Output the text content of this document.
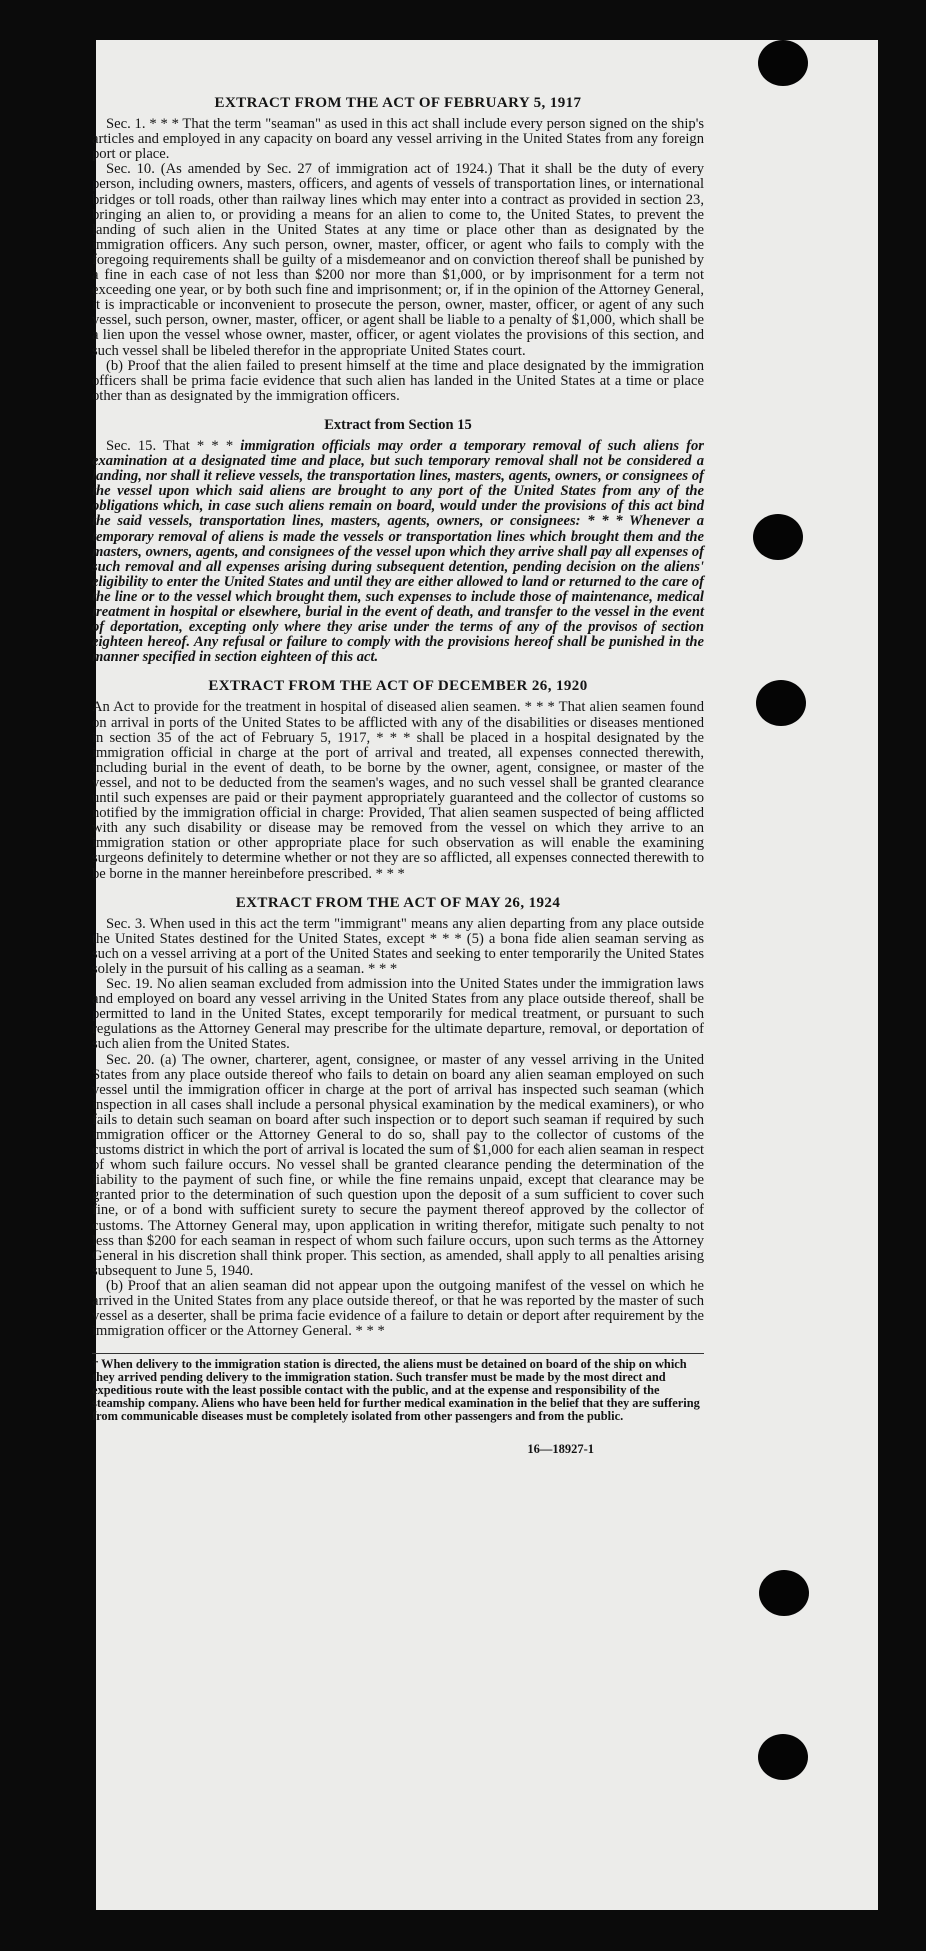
EXTRACT FROM THE ACT OF FEBRUARY 5, 1917

Sec. 1. * * * That the term "seaman" as used in this act shall include every person signed on the ship's articles and employed in any capacity on board any vessel arriving in the United States from any foreign port or place.

Sec. 10. (As amended by Sec. 27 of immigration act of 1924.) That it shall be the duty of every person, including owners, masters, officers, and agents of vessels of transportation lines, or international bridges or toll roads, other than railway lines which may enter into a contract as provided in section 23, bringing an alien to, or providing a means for an alien to come to, the United States, to prevent the landing of such alien in the United States at any time or place other than as designated by the immigration officers. Any such person, owner, master, officer, or agent who fails to comply with the foregoing requirements shall be guilty of a misdemeanor and on conviction thereof shall be punished by a fine in each case of not less than $200 nor more than $1,000, or by imprisonment for a term not exceeding one year, or by both such fine and imprisonment; or, if in the opinion of the Attorney General, it is impracticable or inconvenient to prosecute the person, owner, master, officer, or agent of any such vessel, such person, owner, master, officer, or agent shall be liable to a penalty of $1,000, which shall be a lien upon the vessel whose owner, master, officer, or agent violates the provisions of this section, and such vessel shall be libeled therefor in the appropriate United States court.

(b) Proof that the alien failed to present himself at the time and place designated by the immigration officers shall be prima facie evidence that such alien has landed in the United States at a time or place other than as designated by the immigration officers.

Extract from Section 15

Sec. 15. That * * * immigration officials may order a temporary removal of such aliens for examination at a designated time and place, but such temporary removal shall not be considered a landing, nor shall it relieve vessels, the transportation lines, masters, agents, owners, or consignees of the vessel upon which said aliens are brought to any port of the United States from any of the obligations which, in case such aliens remain on board, would under the provisions of this act bind the said vessels, transportation lines, masters, agents, owners, or consignees: * * * Whenever a temporary removal of aliens is made the vessels or transportation lines which brought them and the masters, owners, agents, and consignees of the vessel upon which they arrive shall pay all expenses of such removal and all expenses arising during subsequent detention, pending decision on the aliens' eligibility to enter the United States and until they are either allowed to land or returned to the care of the line or to the vessel which brought them, such expenses to include those of maintenance, medical treatment in hospital or elsewhere, burial in the event of death, and transfer to the vessel in the event of deportation, excepting only where they arise under the terms of any of the provisos of section eighteen hereof. Any refusal or failure to comply with the provisions hereof shall be punished in the manner specified in section eighteen of this act.

EXTRACT FROM THE ACT OF DECEMBER 26, 1920

An Act to provide for the treatment in hospital of diseased alien seamen. * * * That alien seamen found on arrival in ports of the United States to be afflicted with any of the disabilities or diseases mentioned in section 35 of the act of February 5, 1917, * * * shall be placed in a hospital designated by the immigration official in charge at the port of arrival and treated, all expenses connected therewith, including burial in the event of death, to be borne by the owner, agent, consignee, or master of the vessel, and not to be deducted from the seamen's wages, and no such vessel shall be granted clearance until such expenses are paid or their payment appropriately guaranteed and the collector of customs so notified by the immigration official in charge: Provided, That alien seamen suspected of being afflicted with any such disability or disease may be removed from the vessel on which they arrive to an immigration station or other appropriate place for such observation as will enable the examining surgeons definitely to determine whether or not they are so afflicted, all expenses connected therewith to be borne in the manner hereinbefore prescribed. * * *

EXTRACT FROM THE ACT OF MAY 26, 1924

Sec. 3. When used in this act the term "immigrant" means any alien departing from any place outside the United States destined for the United States, except * * * (5) a bona fide alien seaman serving as such on a vessel arriving at a port of the United States and seeking to enter temporarily the United States solely in the pursuit of his calling as a seaman. * * *

Sec. 19. No alien seaman excluded from admission into the United States under the immigration laws and employed on board any vessel arriving in the United States from any place outside thereof, shall be permitted to land in the United States, except temporarily for medical treatment, or pursuant to such regulations as the Attorney General may prescribe for the ultimate departure, removal, or deportation of such alien from the United States.

Sec. 20. (a) The owner, charterer, agent, consignee, or master of any vessel arriving in the United States from any place outside thereof who fails to detain on board any alien seaman employed on such vessel until the immigration officer in charge at the port of arrival has inspected such seaman (which inspection in all cases shall include a personal physical examination by the medical examiners), or who fails to detain such seaman on board after such inspection or to deport such seaman if required by such immigration officer or the Attorney General to do so, shall pay to the collector of customs of the customs district in which the port of arrival is located the sum of $1,000 for each alien seaman in respect of whom such failure occurs. No vessel shall be granted clearance pending the determination of the liability to the payment of such fine, or while the fine remains unpaid, except that clearance may be granted prior to the determination of such question upon the deposit of a sum sufficient to cover such fine, or of a bond with sufficient surety to secure the payment thereof approved by the collector of customs. The Attorney General may, upon application in writing therefor, mitigate such penalty to not less than $200 for each seaman in respect of whom such failure occurs, upon such terms as the Attorney General in his discretion shall think proper. This section, as amended, shall apply to all penalties arising subsequent to June 5, 1940.

(b) Proof that an alien seaman did not appear upon the outgoing manifest of the vessel on which he arrived in the United States from any place outside thereof, or that he was reported by the master of such vessel as a deserter, shall be prima facie evidence of a failure to detain or deport after requirement by the immigration officer or the Attorney General. * * *

† When delivery to the immigration station is directed, the aliens must be detained on board of the ship on which they arrived pending delivery to the immigration station. Such transfer must be made by the most direct and expeditious route with the least possible contact with the public, and at the expense and responsibility of the steamship company. Aliens who have been held for further medical examination in the belief that they are suffering from communicable diseases must be completely isolated from other passengers and from the public.
16—18927-1
